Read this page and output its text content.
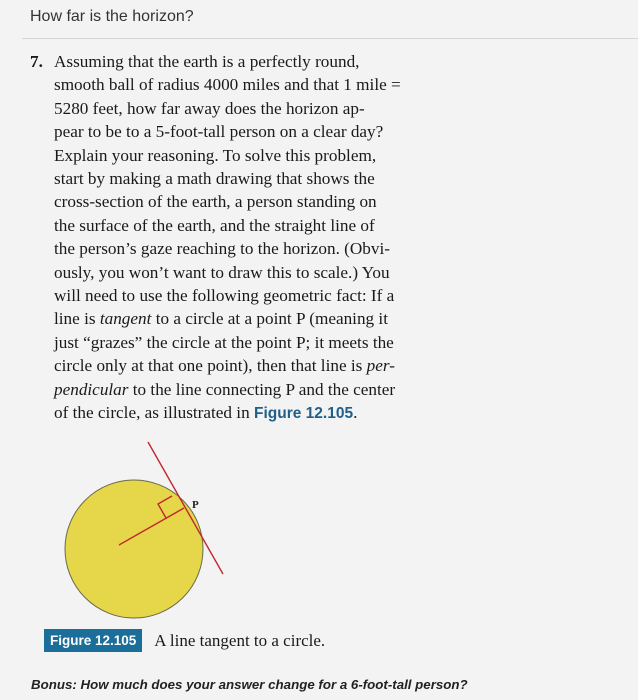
How far is the horizon?
7. Assuming that the earth is a perfectly round,
smooth ball of radius 4000 miles and that 1 mile =
5280 feet, how far away does the horizon ap-
pear to be to a 5-foot-tall person on a clear day?
Explain your reasoning. To solve this problem,
start by making a math drawing that shows the
cross-section of the earth, a person standing on
the surface of the earth, and the straight line of
the person’s gaze reaching to the horizon. (Obvi-
ously, you won’t want to draw this to scale.) You
will need to use the following geometric fact: If a
line is tangent to a circle at a point P (meaning it
just “grazes” the circle at the point P; it meets the
circle only at that one point), then that line is per-
pendicular to the line connecting P and the center
of the circle, as illustrated in Figure 12.105.
P
Figure 12.105	A line tangent to a circle.
Bonus: How much does your answer change for a 6-foot-tall person?
